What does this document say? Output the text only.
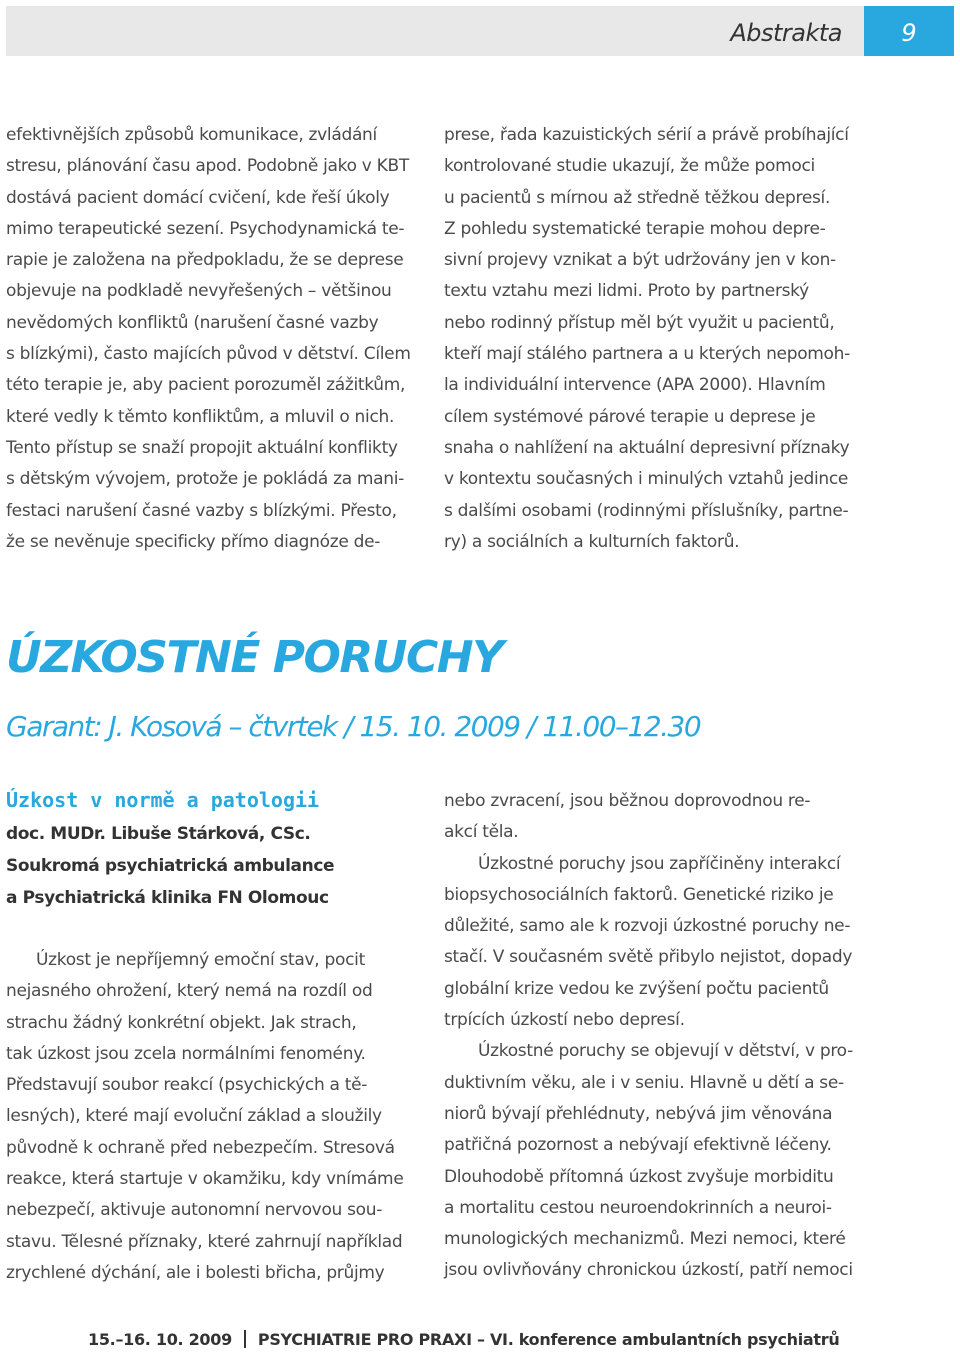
Abstrakta	9
efektivnějších způsobů komunikace, zvládání
stresu, plánování času apod. Podobně jako v KBT
dostává pacient domácí cvičení, kde řeší úkoly
mimo terapeutické sezení. Psychodynamická te-
rapie je založena na předpokladu, že se deprese
objevuje na podkladě nevyřešených – většinou
nevědomých konfliktů (narušení časné vazby
s blízkými), často majících původ v dětství. Cílem
této terapie je, aby pacient porozuměl zážitkům,
které vedly k těmto konfliktům, a mluvil o nich.
Tento přístup se snaží propojit aktuální konflikty
s dětským vývojem, protože je pokládá za mani-
festaci narušení časné vazby s blízkými. Přesto,
že se nevěnuje specificky přímo diagnóze de-
prese, řada kazuistických sérií a právě probíhající
kontrolované studie ukazují, že může pomoci
u pacientů s mírnou až středně těžkou depresí.
Z pohledu systematické terapie mohou depre-
sivní projevy vznikat a být udržovány jen v kon-
textu vztahu mezi lidmi. Proto by partnerský
nebo rodinný přístup měl být využit u pacientů,
kteří mají stálého partnera a u kterých nepomoh-
la individuální intervence (APA 2000). Hlavním
cílem systémové párové terapie u deprese je
snaha o nahlížení na aktuální depresivní příznaky
v kontextu současných i minulých vztahů jedince
s dalšími osobami (rodinnými příslušníky, partne-
ry) a sociálních a kulturních faktorů.
ÚZKOSTNÉ PORUCHY
Garant: J. Kosová – čtvrtek / 15. 10. 2009 / 11.00–12.30
Úzkost v normě a patologii
doc. MUDr. Libuše Stárková, CSc.
Soukromá psychiatrická ambulance
a Psychiatrická klinika FN Olomouc
Úzkost je nepříjemný emoční stav, pocit
nejasného ohrožení, který nemá na rozdíl od
strachu žádný konkrétní objekt. Jak strach,
tak úzkost jsou zcela normálními fenomény.
Představují soubor reakcí (psychických a tě-
lesných), které mají evoluční základ a sloužily
původně k ochraně před nebezpečím. Stresová
reakce, která startuje v okamžiku, kdy vnímáme
nebezpečí, aktivuje autonomní nervovou sou-
stavu. Tělesné příznaky, které zahrnují například
zrychlené dýchání, ale i bolesti břicha, průjmy
nebo zvracení, jsou běžnou doprovodnou re-
akcí těla.
Úzkostné poruchy jsou zapříčiněny interakcí
biopsychosociálních faktorů. Genetické riziko je
důležité, samo ale k rozvoji úzkostné poruchy ne-
stačí. V současném světě přibylo nejistot, dopady
globální krize vedou ke zvýšení počtu pacientů
trpících úzkostí nebo depresí.
Úzkostné poruchy se objevují v dětství, v pro-
duktivním věku, ale i v seniu. Hlavně u dětí a se-
niorů bývají přehlédnuty, nebývá jim věnována
patřičná pozornost a nebývají efektivně léčeny.
Dlouhodobě přítomná úzkost zvyšuje morbiditu
a mortalitu cestou neuroendokrinních a neuroi-
munologických mechanizmů. Mezi nemoci, které
jsou ovlivňovány chronickou úzkostí, patří nemoci
15.–16. 10. 2009 PSYCHIATRIE PRO PRAXI – VI. konference ambulantních psychiatrů
